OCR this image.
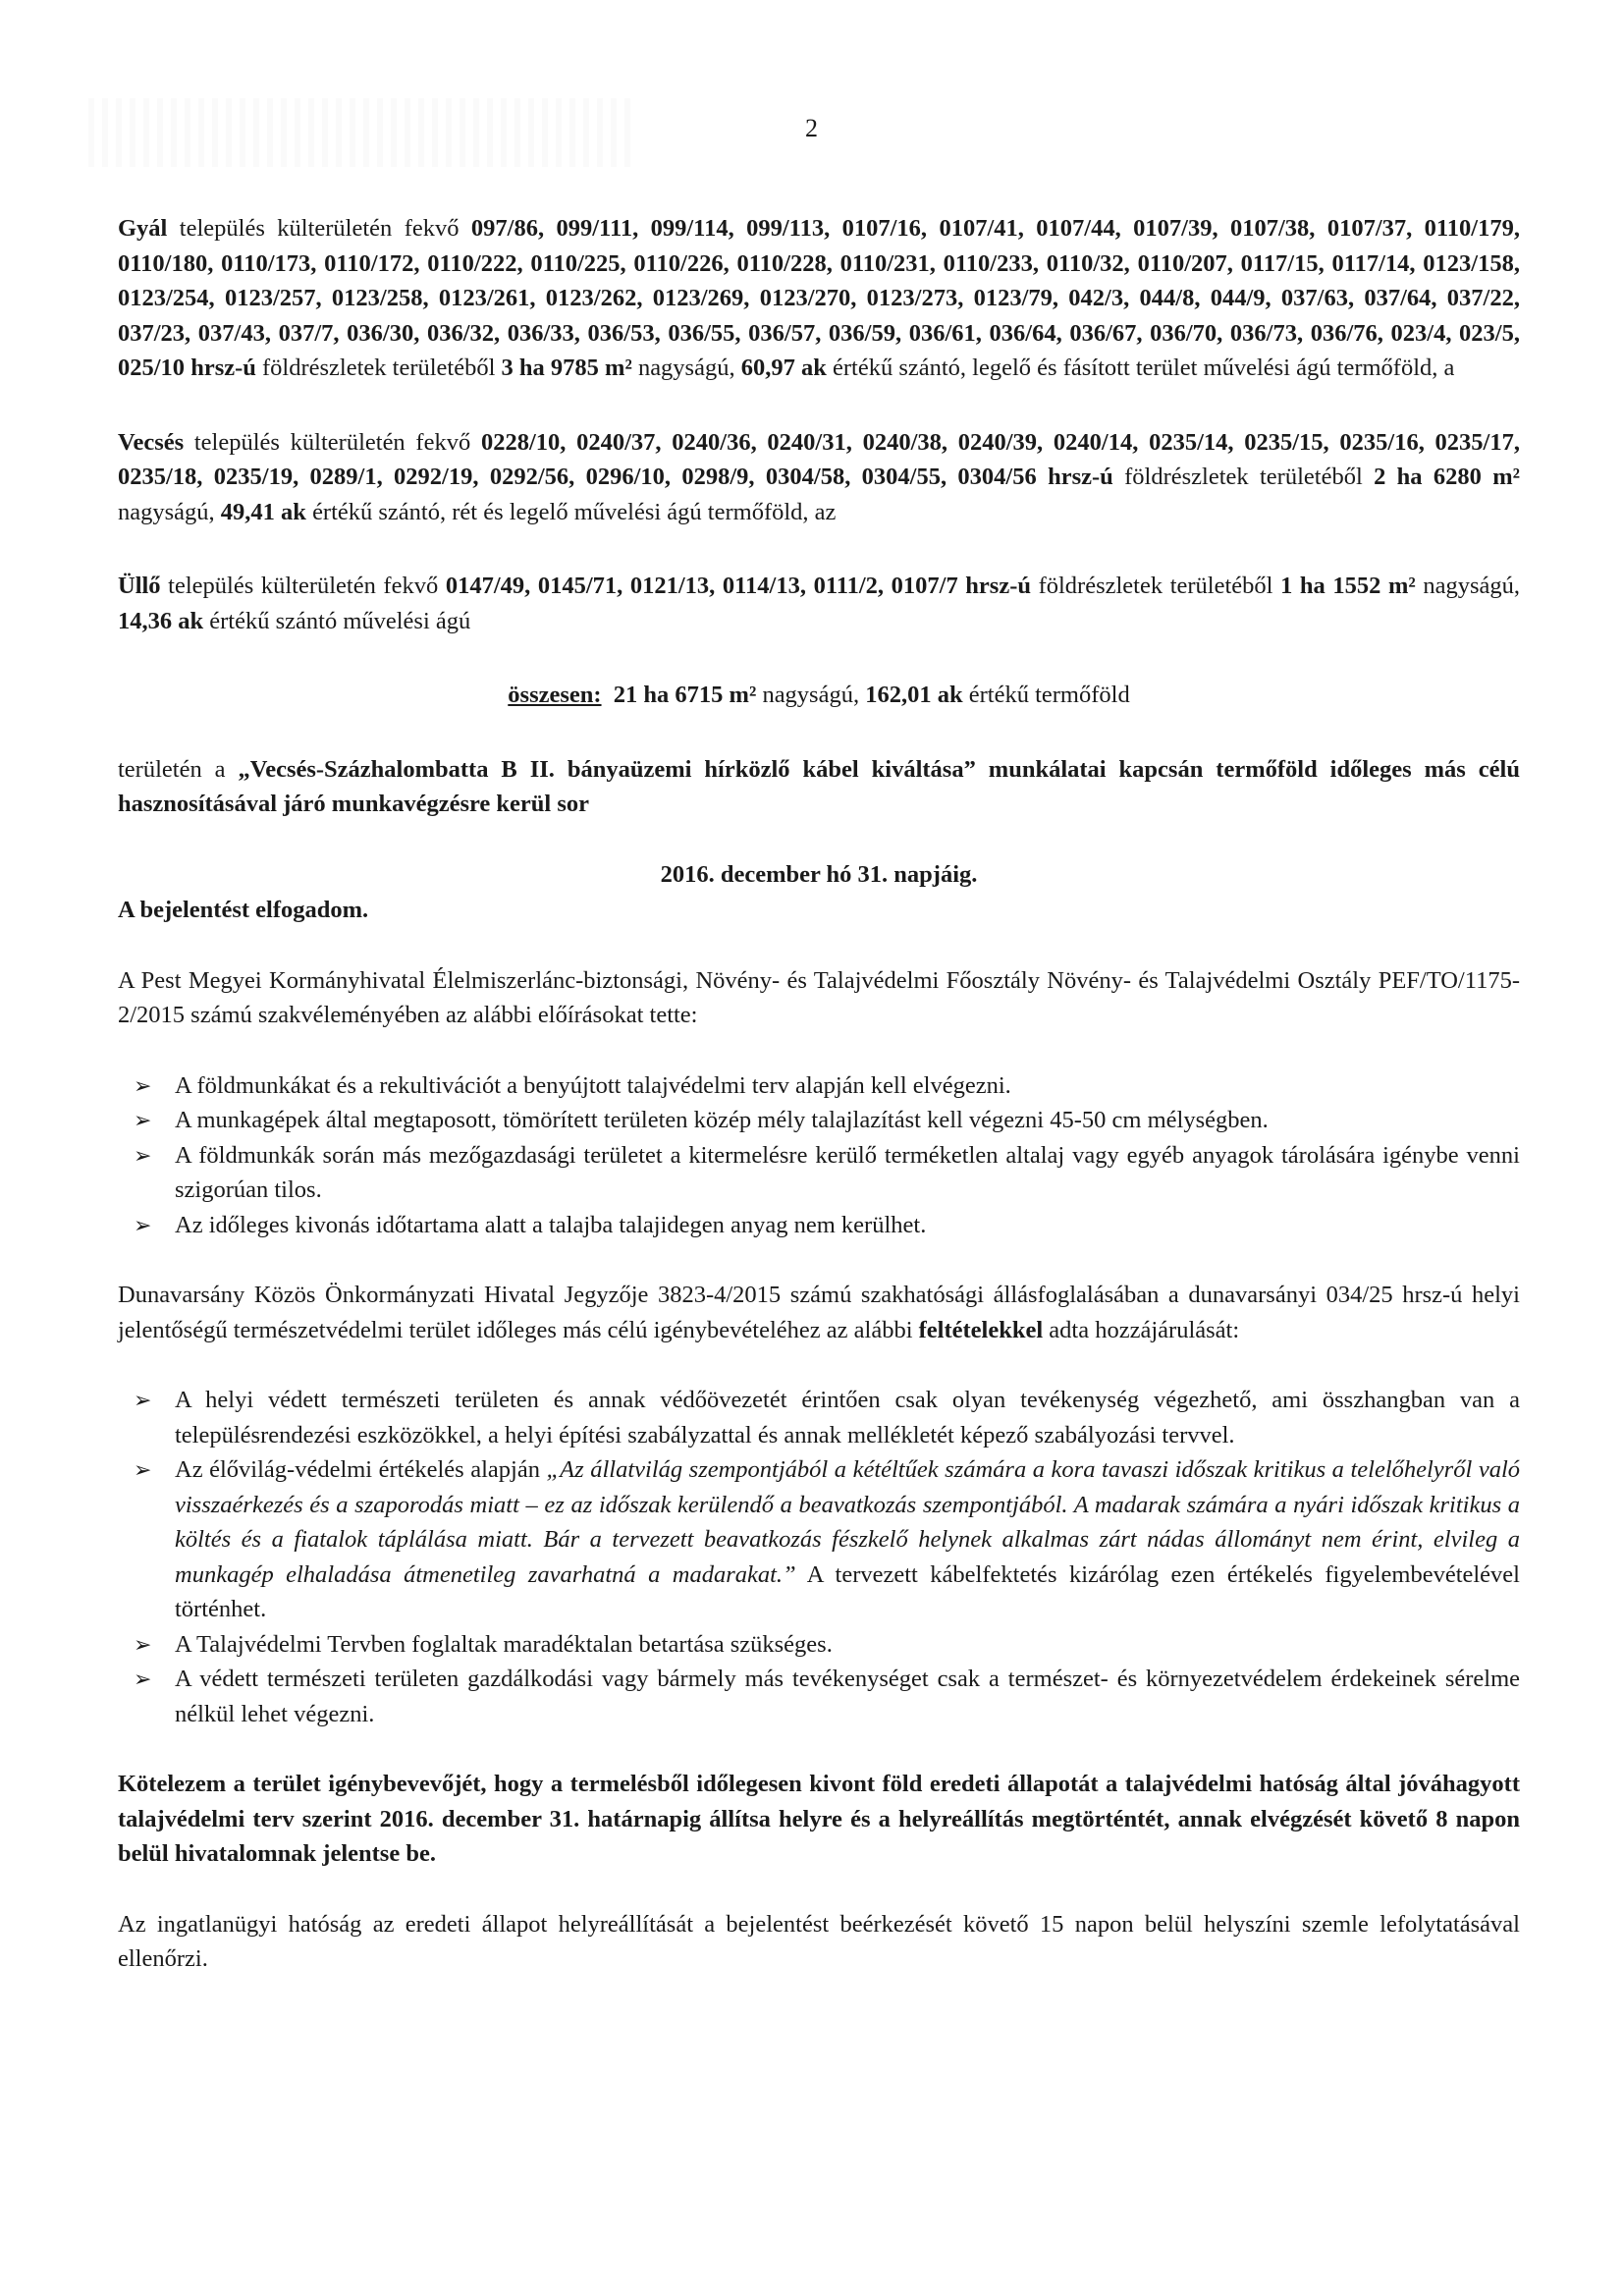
2

Gyál település külterületén fekvő 097/86, 099/111, 099/114, 099/113, 0107/16, 0107/41, 0107/44, 0107/39, 0107/38, 0107/37, 0110/179, 0110/180, 0110/173, 0110/172, 0110/222, 0110/225, 0110/226, 0110/228, 0110/231, 0110/233, 0110/32, 0110/207, 0117/15, 0117/14, 0123/158, 0123/254, 0123/257, 0123/258, 0123/261, 0123/262, 0123/269, 0123/270, 0123/273, 0123/79, 042/3, 044/8, 044/9, 037/63, 037/64, 037/22, 037/23, 037/43, 037/7, 036/30, 036/32, 036/33, 036/53, 036/55, 036/57, 036/59, 036/61, 036/64, 036/67, 036/70, 036/73, 036/76, 023/4, 023/5, 025/10 hrsz-ú földrészletek területéből 3 ha 9785 m² nagyságú, 60,97 ak értékű szántó, legelő és fásított terület művelési ágú termőföld, a

Vecsés település külterületén fekvő 0228/10, 0240/37, 0240/36, 0240/31, 0240/38, 0240/39, 0240/14, 0235/14, 0235/15, 0235/16, 0235/17, 0235/18, 0235/19, 0289/1, 0292/19, 0292/56, 0296/10, 0298/9, 0304/58, 0304/55, 0304/56 hrsz-ú földrészletek területéből 2 ha 6280 m² nagyságú, 49,41 ak értékű szántó, rét és legelő művelési ágú termőföld, az

Üllő település külterületén fekvő 0147/49, 0145/71, 0121/13, 0114/13, 0111/2, 0107/7 hrsz-ú földrészletek területéből 1 ha 1552 m² nagyságú, 14,36 ak értékű szántó művelési ágú

összesen: 21 ha 6715 m² nagyságú, 162,01 ak értékű termőföld

területén a „Vecsés-Százhalombatta B II. bányaüzemi hírközlő kábel kiváltása” munkálatai kapcsán termőföld időleges más célú hasznosításával járó munkavégzésre kerül sor

2016. december hó 31. napjáig.
A bejelentést elfogadom.

A Pest Megyei Kormányhivatal Élelmiszerlánc-biztonsági, Növény- és Talajvédelmi Főosztály Növény- és Talajvédelmi Osztály PEF/TO/1175-2/2015 számú szakvéleményében az alábbi előírásokat tette:

➢ A földmunkákat és a rekultivációt a benyújtott talajvédelmi terv alapján kell elvégezni.
➢ A munkagépek által megtaposott, tömörített területen közép mély talajlazítást kell végezni 45-50 cm mélységben.
➢ A földmunkák során más mezőgazdasági területet a kitermelésre kerülő terméketlen altalaj vagy egyéb anyagok tárolására igénybe venni szigorúan tilos.
➢ Az időleges kivonás időtartama alatt a talajba talajidegen anyag nem kerülhet.

Dunavarsány Közös Önkormányzati Hivatal Jegyzője 3823-4/2015 számú szakhatósági állásfoglalásában a dunavarsányi 034/25 hrsz-ú helyi jelentőségű természetvédelmi terület időleges más célú igénybevételéhez az alábbi feltételekkel adta hozzájárulását:

➢ A helyi védett természeti területen és annak védőövezetét érintően csak olyan tevékenység végezhető, ami összhangban van a településrendezési eszközökkel, a helyi építési szabályzattal és annak mellékletét képező szabályozási tervvel.
➢ Az élővilág-védelmi értékelés alapján „Az állatvilág szempontjából a kétéltűek számára a kora tavaszi időszak kritikus a telelőhelyről való visszaérkezés és a szaporodás miatt – ez az időszak kerülendő a beavatkozás szempontjából. A madarak számára a nyári időszak kritikus a költés és a fiatalok táplálása miatt. Bár a tervezett beavatkozás fészkelő helynek alkalmas zárt nádas állományt nem érint, elvileg a munkagép elhaladása átmenetileg zavarhatná a madarakat.” A tervezett kábelfektetés kizárólag ezen értékelés figyelembevételével történhet.
➢ A Talajvédelmi Tervben foglaltak maradéktalan betartása szükséges.
➢ A védett természeti területen gazdálkodási vagy bármely más tevékenységet csak a természet- és környezetvédelem érdekeinek sérelme nélkül lehet végezni.

Kötelezem a terület igénybevevőjét, hogy a termelésből időlegesen kivont föld eredeti állapotát a talajvédelmi hatóság által jóváhagyott talajvédelmi terv szerint 2016. december 31. határnapig állítsa helyre és a helyreállítás megtörténtét, annak elvégzését követő 8 napon belül hivatalomnak jelentse be.

Az ingatlanügyi hatóság az eredeti állapot helyreállítását a bejelentést beérkezését követő 15 napon belül helyszíni szemle lefolytatásával ellenőrzi.
